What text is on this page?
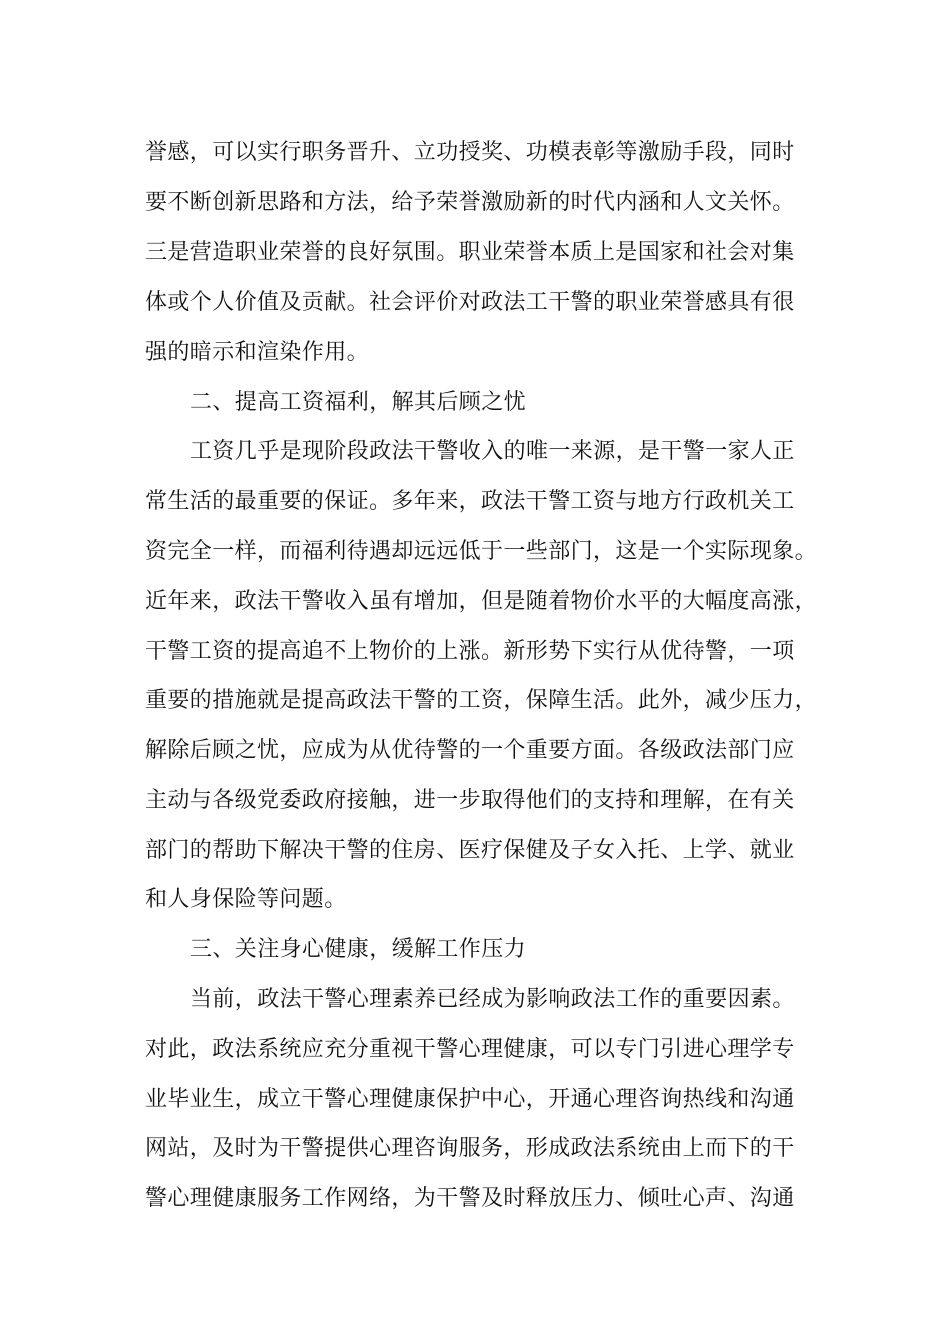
誉感，可以实行职务晋升、立功授奖、功模表彰等激励手段，同时
要不断创新思路和方法，给予荣誉激励新的时代内涵和人文关怀。
三是营造职业荣誉的良好氛围。职业荣誉本质上是国家和社会对集
体或个人价值及贡献。社会评价对政法工干警的职业荣誉感具有很
强的暗示和渲染作用。
二、提高工资福利，解其后顾之忧
工资几乎是现阶段政法干警收入的唯一来源，是干警一家人正
常生活的最重要的保证。多年来，政法干警工资与地方行政机关工
资完全一样，而福利待遇却远远低于一些部门，这是一个实际现象。
近年来，政法干警收入虽有增加，但是随着物价水平的大幅度高涨，
干警工资的提高追不上物价的上涨。新形势下实行从优待警，一项
重要的措施就是提高政法干警的工资，保障生活。此外，减少压力，
解除后顾之忧，应成为从优待警的一个重要方面。各级政法部门应
主动与各级党委政府接触，进一步取得他们的支持和理解，在有关
部门的帮助下解决干警的住房、医疗保健及子女入托、上学、就业
和人身保险等问题。
三、关注身心健康，缓解工作压力
当前，政法干警心理素养已经成为影响政法工作的重要因素。
对此，政法系统应充分重视干警心理健康，可以专门引进心理学专
业毕业生，成立干警心理健康保护中心，开通心理咨询热线和沟通
网站，及时为干警提供心理咨询服务，形成政法系统由上而下的干
警心理健康服务工作网络，为干警及时释放压力、倾吐心声、沟通
